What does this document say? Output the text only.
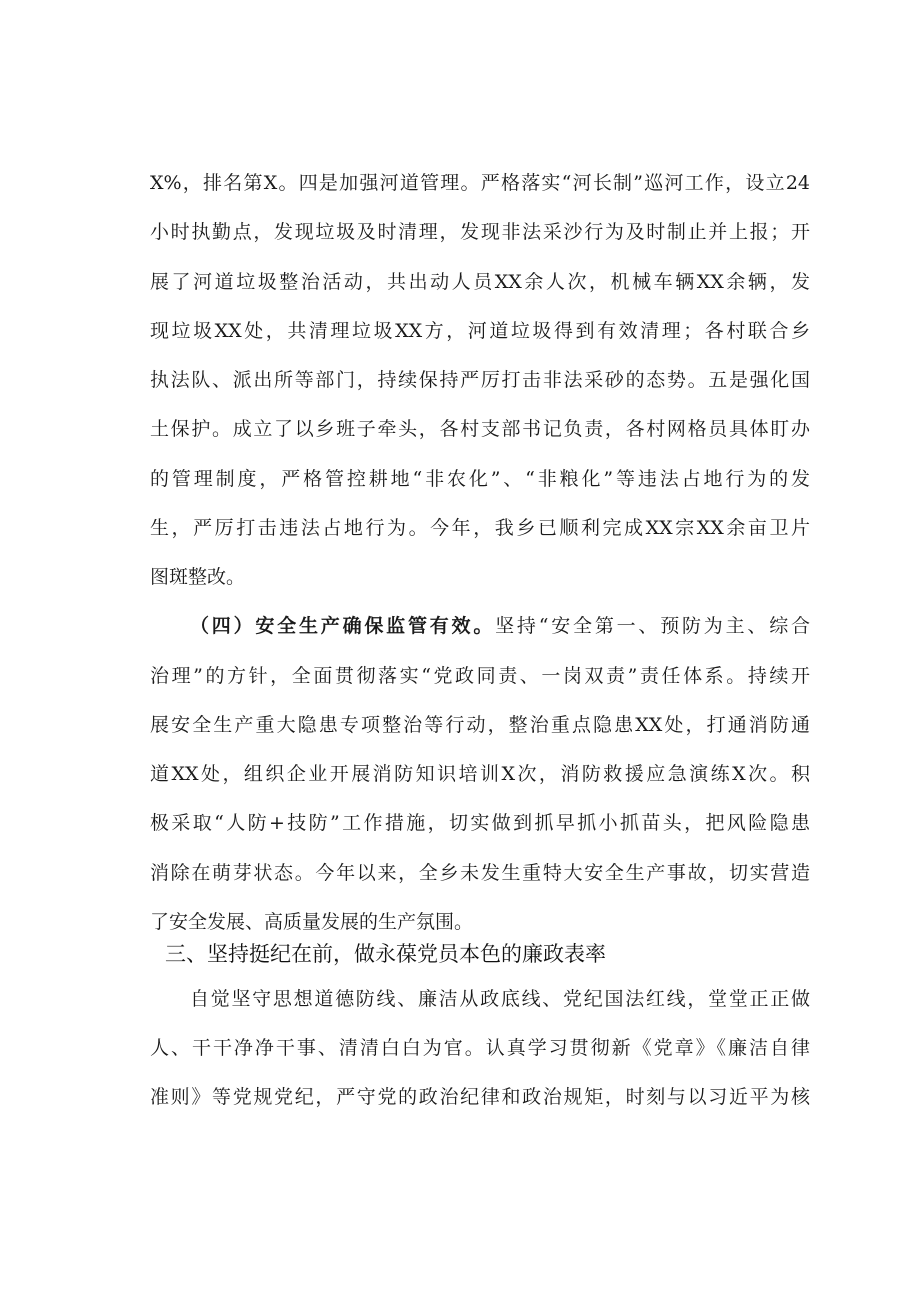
X%，排名第X。四是加强河道管理。严格落实“河长制”巡河工作，设立24
小时执勤点，发现垃圾及时清理，发现非法采沙行为及时制止并上报；开
展了河道垃圾整治活动，共出动人员XX余人次，机械车辆XX余辆，发
现垃圾XX处，共清理垃圾XX方，河道垃圾得到有效清理；各村联合乡
执法队、派出所等部门，持续保持严厉打击非法采砂的态势。五是强化国
土保护。成立了以乡班子牵头，各村支部书记负责，各村网格员具体盯办
的管理制度，严格管控耕地“非农化”、“非粮化”等违法占地行为的发
生，严厉打击违法占地行为。今年，我乡已顺利完成XX宗XX余亩卫片
图斑整改。
（四）安全生产确保监管有效。坚持“安全第一、预防为主、综合
治理”的方针，全面贯彻落实“党政同责、一岗双责”责任体系。持续开
展安全生产重大隐患专项整治等行动，整治重点隐患XX处，打通消防通
道XX处，组织企业开展消防知识培训X次，消防救援应急演练X次。积
极采取“人防+技防”工作措施，切实做到抓早抓小抓苗头，把风险隐患
消除在萌芽状态。今年以来，全乡未发生重特大安全生产事故，切实营造
了安全发展、高质量发展的生产氛围。
三、坚持挺纪在前，做永葆党员本色的廉政表率
自觉坚守思想道德防线、廉洁从政底线、党纪国法红线，堂堂正正做
人、干干净净干事、清清白白为官。认真学习贯彻新《党章》《廉洁自律
准则》等党规党纪，严守党的政治纪律和政治规矩，时刻与以习近平为核
